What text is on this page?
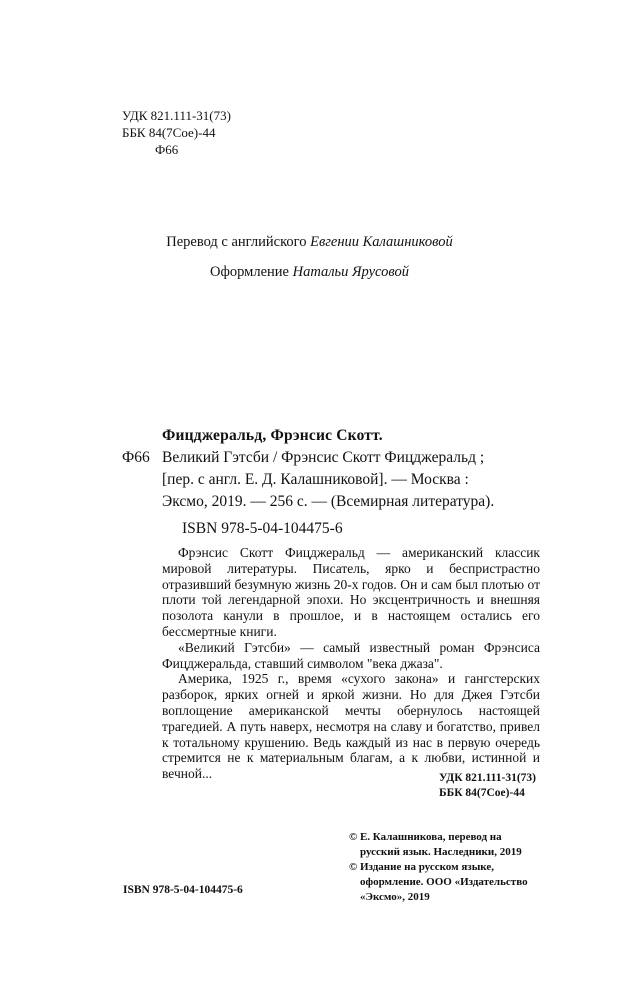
УДК 821.111-31(73)
ББК 84(7Сое)-44
Ф66
Перевод с английского Евгении Калашниковой
Оформление Натальи Ярусовой
Фицджеральд, Фрэнсис Скотт.
Ф66 Великий Гэтсби / Фрэнсис Скотт Фицджеральд ;
[пер. с англ. Е. Д. Калашниковой]. — Москва :
Эксмо, 2019. — 256 с. — (Всемирная литература).
ISBN 978-5-04-104475-6

Фрэнсис Скотт Фицджеральд — американский классик мировой литературы. Писатель, ярко и беспристрастно отразивший безумную жизнь 20-х годов. Он и сам был плотью от плоти той легендарной эпохи. Но эксцентричность и внешняя позолота канули в прошлое, и в настоящем остались его бессмертные книги.

«Великий Гэтсби» — самый известный роман Фрэнсиса Фицджеральда, ставший символом "века джаза".

Америка, 1925 г., время «сухого закона» и гангстерских разборок, ярких огней и яркой жизни. Но для Джея Гэтсби воплощение американской мечты обернулось настоящей трагедией. А путь наверх, несмотря на славу и богатство, привел к тотальному крушению. Ведь каждый из нас в первую очередь стремится не к материальным благам, а к любви, истинной и вечной...	УДК 821.111-31(73)
ББК 84(7Сое)-44
© Е. Калашникова, перевод на
русский язык. Наследники, 2019
© Издание на русском языке,
оформление. ООО «Издательство
«Эксмо», 2019
ISBN 978-5-04-104475-6
